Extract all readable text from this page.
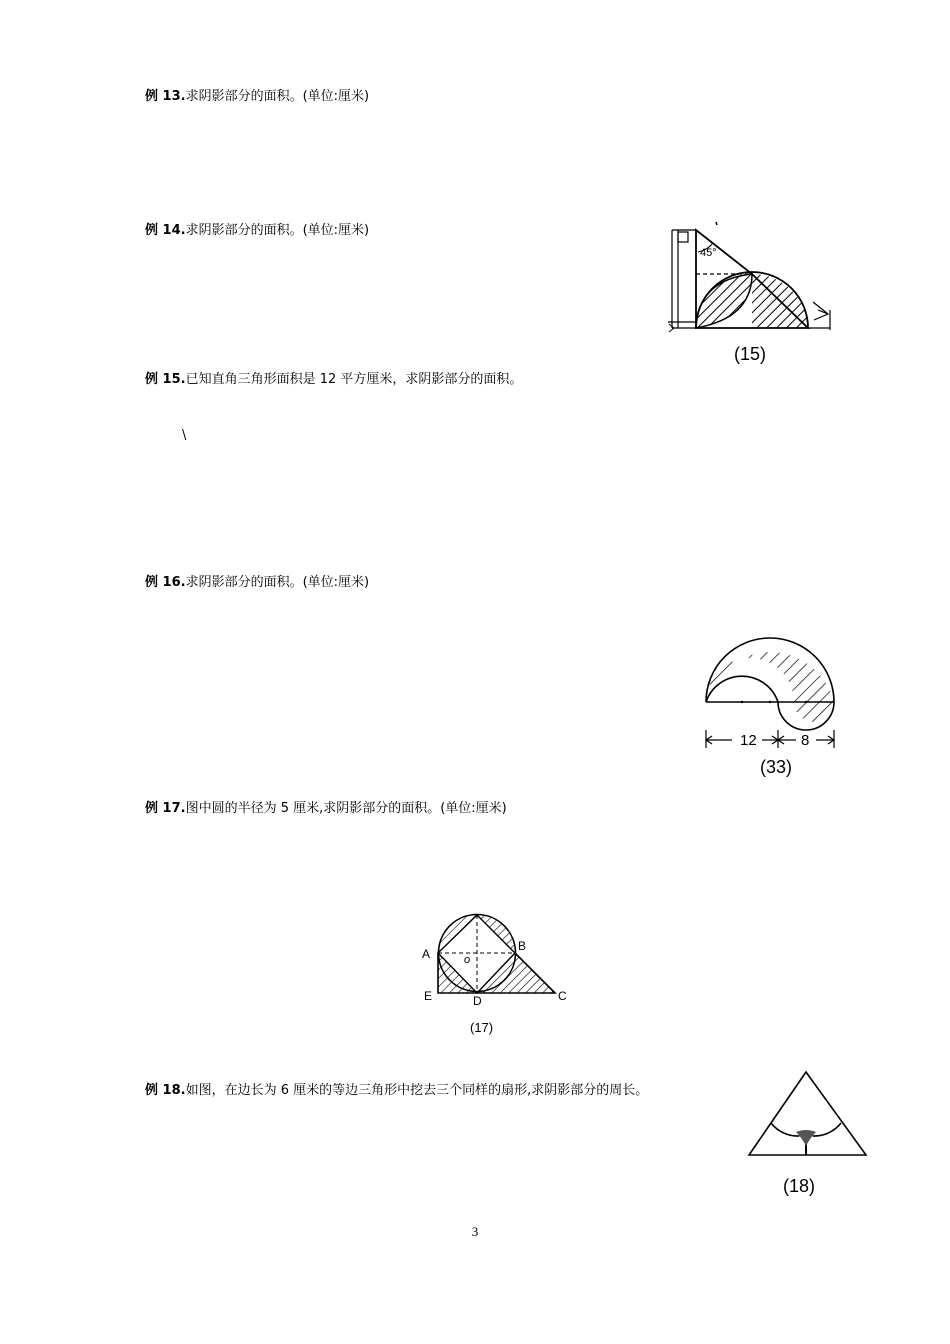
例 13.求阴影部分的面积。(单位:厘米)
例 14.求阴影部分的面积。(单位:厘米)
45°
(15)
例 15.已知直角三角形面积是 12 平方厘米，求阴影部分的面积。
\
例 16.求阴影部分的面积。(单位:厘米)
12	8
(33)
例 17.图中圆的半径为 5 厘米,求阴影部分的面积。(单位:厘米)
A
B
C
D
E
o
(17)
例 18.如图，在边长为 6 厘米的等边三角形中挖去三个同样的扇形,求阴影部分的周长。
(18)
3
